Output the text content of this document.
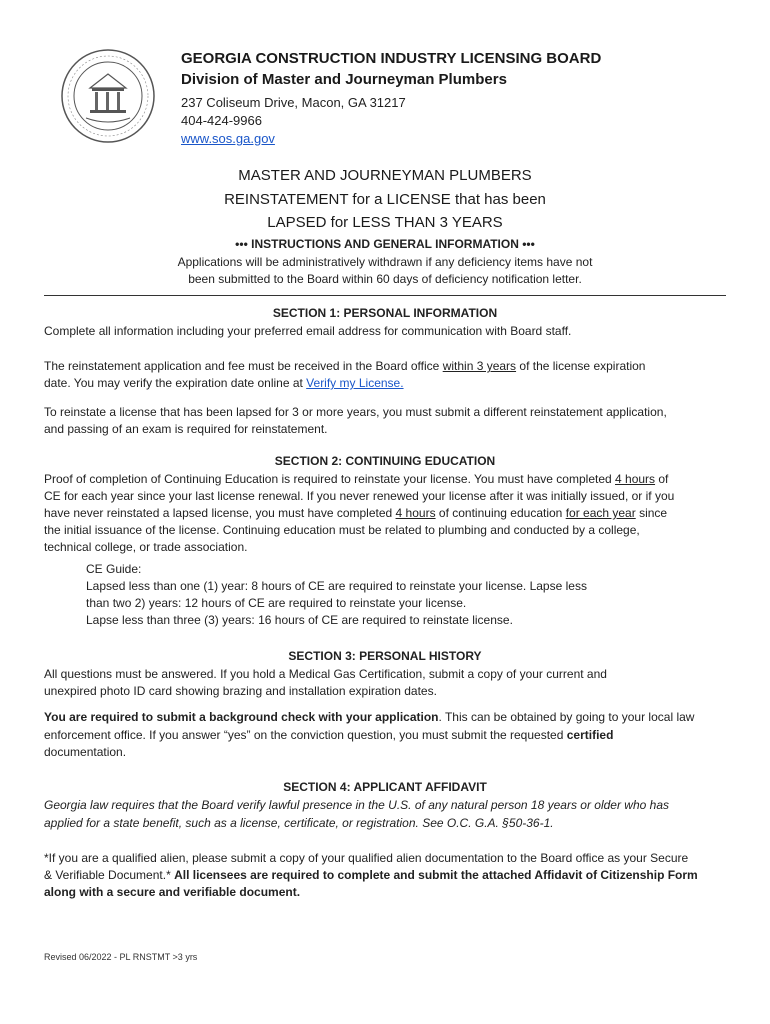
GEORGIA CONSTRUCTION INDUSTRY LICENSING BOARD
Division of Master and Journeyman Plumbers
237 Coliseum Drive, Macon, GA 31217
404-424-9966
www.sos.ga.gov
MASTER AND JOURNEYMAN PLUMBERS
REINSTATEMENT for a LICENSE that has been
LAPSED for LESS THAN 3 YEARS
••• INSTRUCTIONS AND GENERAL INFORMATION •••
Applications will be administratively withdrawn if any deficiency items have not
been submitted to the Board within 60 days of deficiency notification letter.
SECTION 1: PERSONAL INFORMATION
Complete all information including your preferred email address for communication with Board staff.
The reinstatement application and fee must be received in the Board office within 3 years of the license expiration
date. You may verify the expiration date online at Verify my License.
To reinstate a license that has been lapsed for 3 or more years, you must submit a different reinstatement application,
and passing of an exam is required for reinstatement.
SECTION 2: CONTINUING EDUCATION
Proof of completion of Continuing Education is required to reinstate your license. You must have completed 4 hours of
CE for each year since your last license renewal. If you never renewed your license after it was initially issued, or if you
have never reinstated a lapsed license, you must have completed 4 hours of continuing education for each year since
the initial issuance of the license. Continuing education must be related to plumbing and conducted by a college,
technical college, or trade association.
CE Guide:
Lapsed less than one (1) year: 8 hours of CE are required to reinstate your license. Lapse less
than two 2) years: 12 hours of CE are required to reinstate your license.
Lapse less than three (3) years: 16 hours of CE are required to reinstate license.
SECTION 3: PERSONAL HISTORY
All questions must be answered. If you hold a Medical Gas Certification, submit a copy of your current and
unexpired photo ID card showing brazing and installation expiration dates.
You are required to submit a background check with your application. This can be obtained by going to your local law
enforcement office. If you answer “yes” on the conviction question, you must submit the requested certified
documentation.
SECTION 4: APPLICANT AFFIDAVIT
Georgia law requires that the Board verify lawful presence in the U.S. of any natural person 18 years or older who has
applied for a state benefit, such as a license, certificate, or registration. See O.C. G.A. §50-36-1.
*If you are a qualified alien, please submit a copy of your qualified alien documentation to the Board office as your Secure
& Verifiable Document.* All licensees are required to complete and submit the attached Affidavit of Citizenship Form
along with a secure and verifiable document.
Revised 06/2022 - PL RNSTMT >3 yrs
